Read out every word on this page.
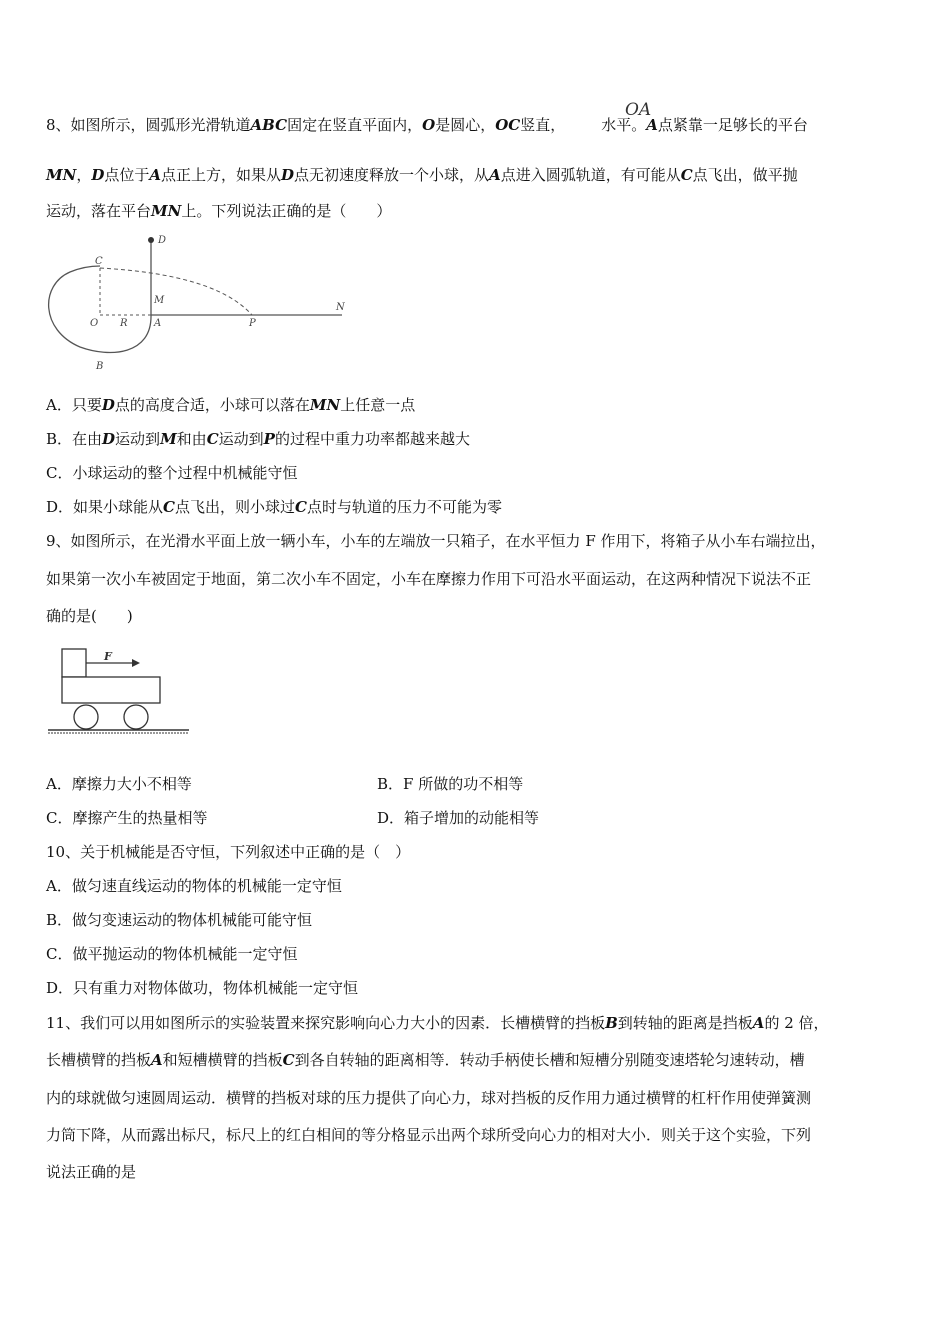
8、如图所示，圆弧形光滑轨道ABC固定在竖直平面内，O是圆心，OC竖直， 水平。A点紧靠一足够长的平台
OA
MN，D点位于A点正上方，如果从D点无初速度释放一个小球，从A点进入圆弧轨道，有可能从C点飞出，做平抛
运动，落在平台MN上。下列说法正确的是（　　）
D
C
M
N
O R	A	P
B
A．只要D点的高度合适，小球可以落在MN上任意一点
B．在由D运动到M和由C运动到P的过程中重力功率都越来越大
C．小球运动的整个过程中机械能守恒
D．如果小球能从C点飞出，则小球过C点时与轨道的压力不可能为零
9、如图所示，在光滑水平面上放一辆小车，小车的左端放一只箱子，在水平恒力 F 作用下，将箱子从小车右端拉出，
如果第一次小车被固定于地面，第二次小车不固定，小车在摩擦力作用下可沿水平面运动，在这两种情况下说法不正
确的是(　　)
F
A．摩擦力大小不相等	B．F 所做的功不相等
C．摩擦产生的热量相等	D．箱子增加的动能相等
10、关于机械能是否守恒，下列叙述中正确的是（　）
A．做匀速直线运动的物体的机械能一定守恒
B．做匀变速运动的物体机械能可能守恒
C．做平抛运动的物体机械能一定守恒
D．只有重力对物体做功，物体机械能一定守恒
11、我们可以用如图所示的实验装置来探究影响向心力大小的因素．长槽横臂的挡板B到转轴的距离是挡板A的 2 倍，
长槽横臂的挡板A和短槽横臂的挡板C到各自转轴的距离相等．转动手柄使长槽和短槽分别随变速塔轮匀速转动，槽
内的球就做匀速圆周运动．横臂的挡板对球的压力提供了向心力，球对挡板的反作用力通过横臂的杠杆作用使弹簧测
力筒下降，从而露出标尺，标尺上的红白相间的等分格显示出两个球所受向心力的相对大小．则关于这个实验，下列
说法正确的是
